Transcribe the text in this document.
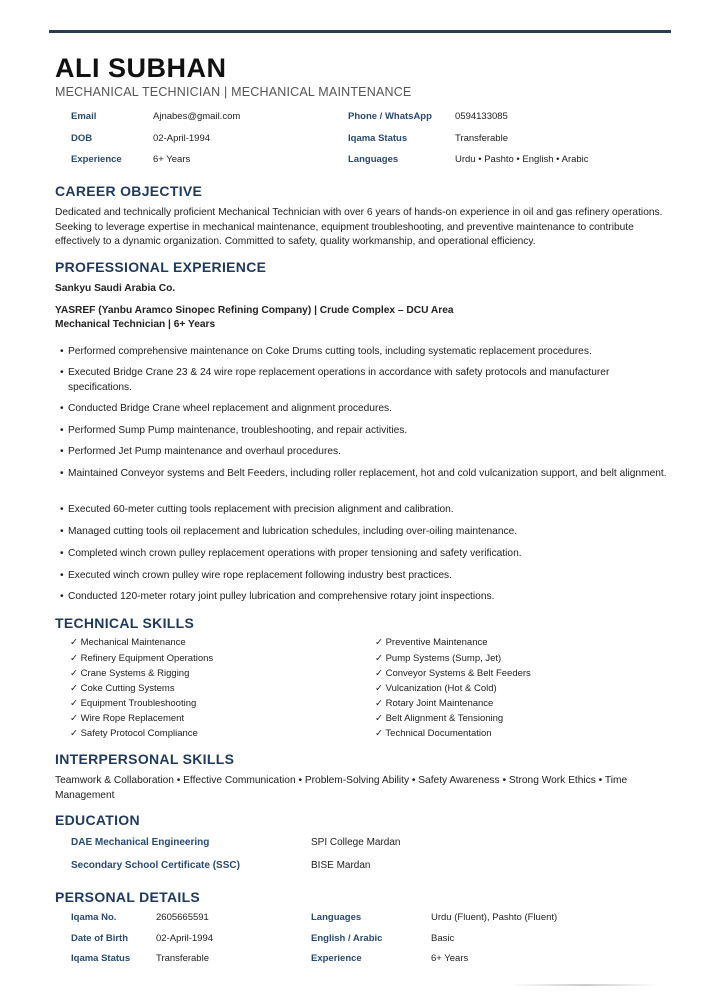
ALI SUBHAN
MECHANICAL TECHNICIAN | MECHANICAL MAINTENANCE
Email	Ajnabes@gmail.com	Phone / WhatsApp 0594133085
DOB	02-April-1994	Iqama Status	Transferable
Experience	6+ Years	Languages	Urdu • Pashto • English • Arabic
CAREER OBJECTIVE
Dedicated and technically proficient Mechanical Technician with over 6 years of hands-on experience in oil and gas refinery operations. Seeking to leverage expertise in mechanical maintenance, equipment troubleshooting, and preventive maintenance to contribute effectively to a dynamic organization. Committed to safety, quality workmanship, and operational efficiency.
PROFESSIONAL EXPERIENCE
Sankyu Saudi Arabia Co.
YASREF (Yanbu Aramco Sinopec Refining Company) | Crude Complex – DCU Area
Mechanical Technician | 6+ Years
• Performed comprehensive maintenance on Coke Drums cutting tools, including systematic replacement procedures.
• Executed Bridge Crane 23 & 24 wire rope replacement operations in accordance with safety protocols and manufacturer specifications.
• Conducted Bridge Crane wheel replacement and alignment procedures.
• Performed Sump Pump maintenance, troubleshooting, and repair activities.
• Performed Jet Pump maintenance and overhaul procedures.
• Maintained Conveyor systems and Belt Feeders, including roller replacement, hot and cold vulcanization support, and belt alignment.
• Executed 60-meter cutting tools replacement with precision alignment and calibration.
• Managed cutting tools oil replacement and lubrication schedules, including over-oiling maintenance.
• Completed winch crown pulley replacement operations with proper tensioning and safety verification.
• Executed winch crown pulley wire rope replacement following industry best practices.
• Conducted 120-meter rotary joint pulley lubrication and comprehensive rotary joint inspections.
TECHNICAL SKILLS
✓ Mechanical Maintenance
✓ Refinery Equipment Operations
✓ Crane Systems & Rigging
✓ Coke Cutting Systems
✓ Equipment Troubleshooting
✓ Wire Rope Replacement
✓ Safety Protocol Compliance
✓ Preventive Maintenance
✓ Pump Systems (Sump, Jet)
✓ Conveyor Systems & Belt Feeders
✓ Vulcanization (Hot & Cold)
✓ Rotary Joint Maintenance
✓ Belt Alignment & Tensioning
✓ Technical Documentation
INTERPERSONAL SKILLS
Teamwork & Collaboration • Effective Communication • Problem-Solving Ability • Safety Awareness • Strong Work Ethics • Time Management
EDUCATION
DAE Mechanical Engineering	SPI College Mardan
Secondary School Certificate (SSC)	BISE Mardan
PERSONAL DETAILS
Iqama No.	2605665591	Languages	Urdu (Fluent), Pashto (Fluent)
Date of Birth	02-April-1994	English / Arabic	Basic
Iqama Status	Transferable	Experience	6+ Years
